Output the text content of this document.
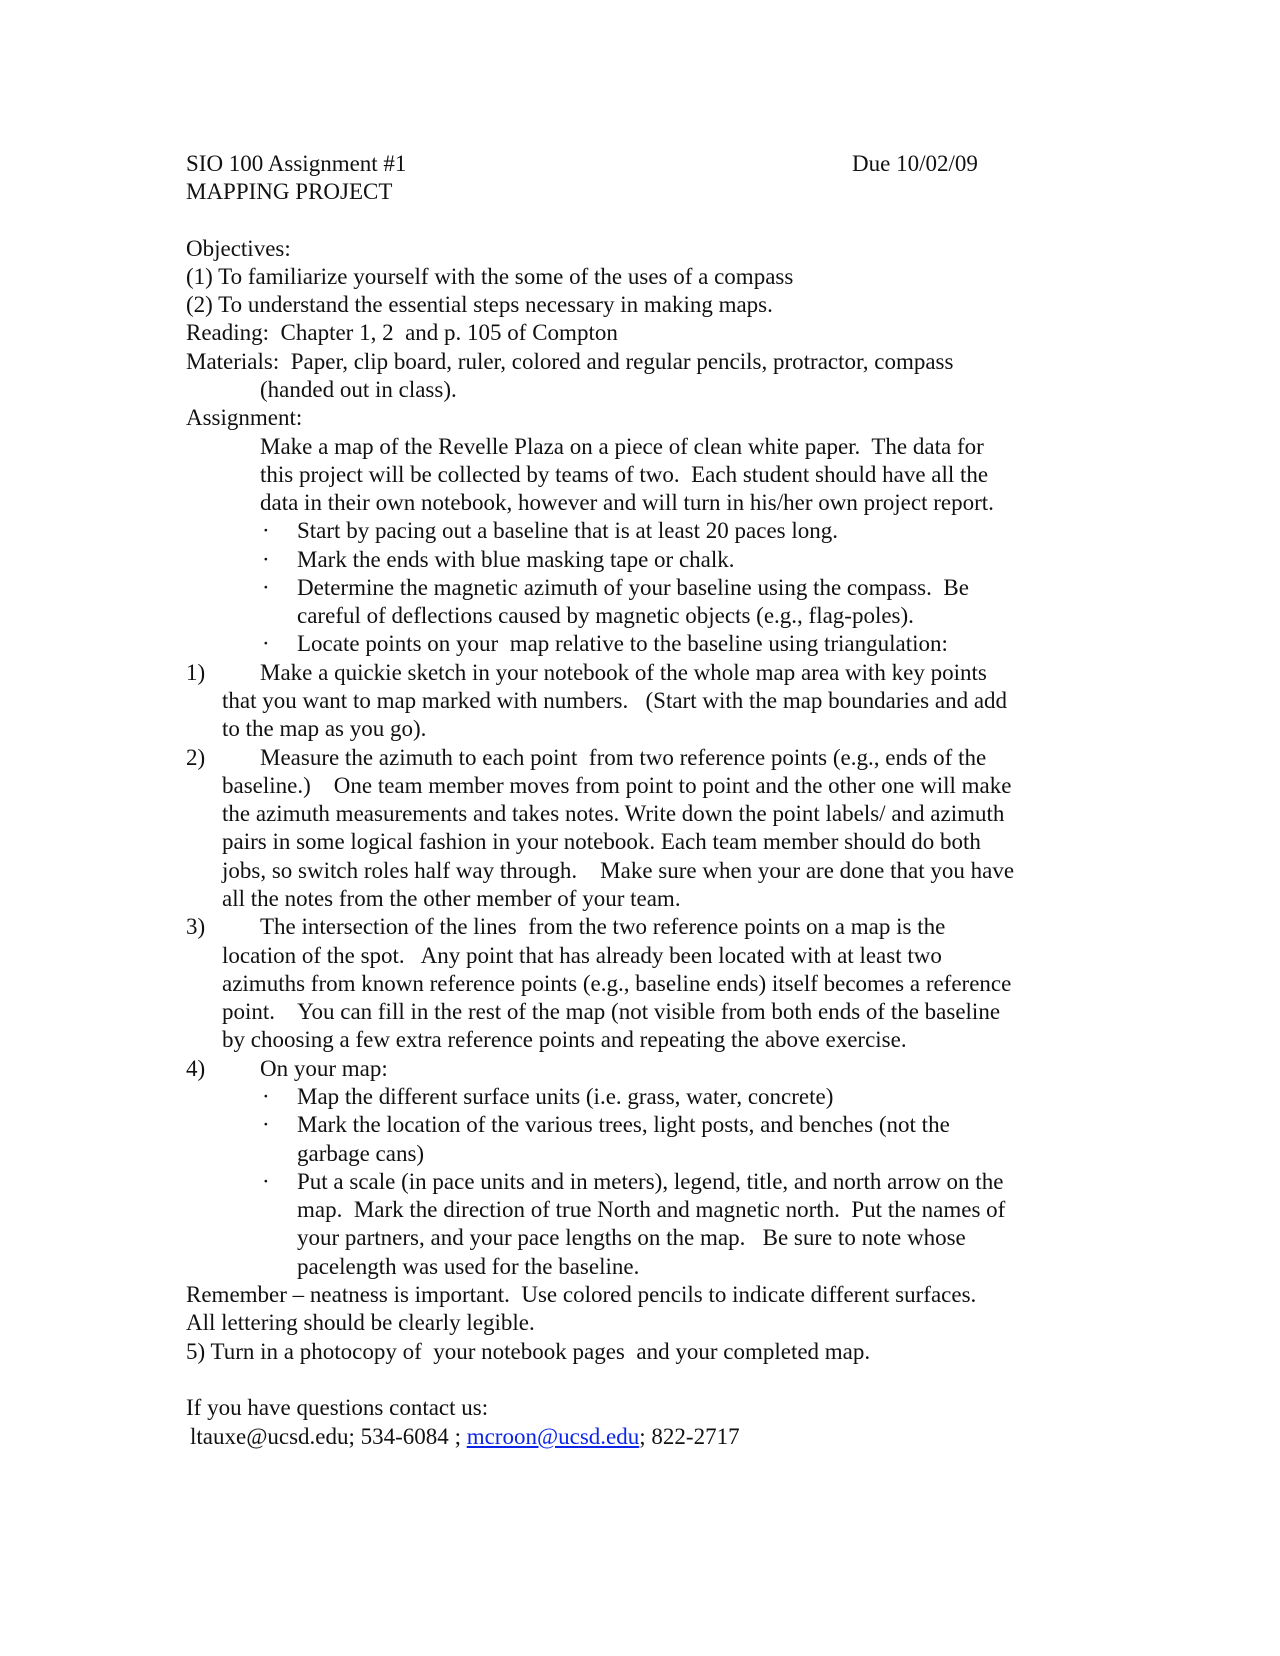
SIO 100 Assignment #1	Due 10/02/09
MAPPING PROJECT
Objectives:
(1) To familiarize yourself with the some of the uses of a compass
(2) To understand the essential steps necessary in making maps.
Reading:  Chapter 1, 2  and p. 105 of Compton
Materials:  Paper, clip board, ruler, colored and regular pencils, protractor, compass
(handed out in class).
Assignment:
Make a map of the Revelle Plaza on a piece of clean white paper.  The data for
this project will be collected by teams of two.  Each student should have all the
data in their own notebook, however and will turn in his/her own project report.
· Start by pacing out a baseline that is at least 20 paces long.
· Mark the ends with blue masking tape or chalk.
· Determine the magnetic azimuth of your baseline using the compass.  Be
careful of deflections caused by magnetic objects (e.g., flag-poles).
· Locate points on your  map relative to the baseline using triangulation:
1) Make a quickie sketch in your notebook of the whole map area with key points
that you want to map marked with numbers.   (Start with the map boundaries and add
to the map as you go).
2) Measure the azimuth to each point  from two reference points (e.g., ends of the
baseline.)    One team member moves from point to point and the other one will make
the azimuth measurements and takes notes. Write down the point labels/ and azimuth
pairs in some logical fashion in your notebook. Each team member should do both
jobs, so switch roles half way through.    Make sure when your are done that you have
all the notes from the other member of your team.
3) The intersection of the lines  from the two reference points on a map is the
location of the spot.   Any point that has already been located with at least two
azimuths from known reference points (e.g., baseline ends) itself becomes a reference
point.    You can fill in the rest of the map (not visible from both ends of the baseline
by choosing a few extra reference points and repeating the above exercise.
4) On your map:
· Map the different surface units (i.e. grass, water, concrete)
· Mark the location of the various trees, light posts, and benches (not the
garbage cans)
· Put a scale (in pace units and in meters), legend, title, and north arrow on the
map.  Mark the direction of true North and magnetic north.  Put the names of
your partners, and your pace lengths on the map.   Be sure to note whose
pacelength was used for the baseline.
Remember – neatness is important.  Use colored pencils to indicate different surfaces.
All lettering should be clearly legible.
5) Turn in a photocopy of  your notebook pages  and your completed map.
If you have questions contact us:
ltauxe@ucsd.edu; 534-6084 ; mcroon@ucsd.edu; 822-2717
